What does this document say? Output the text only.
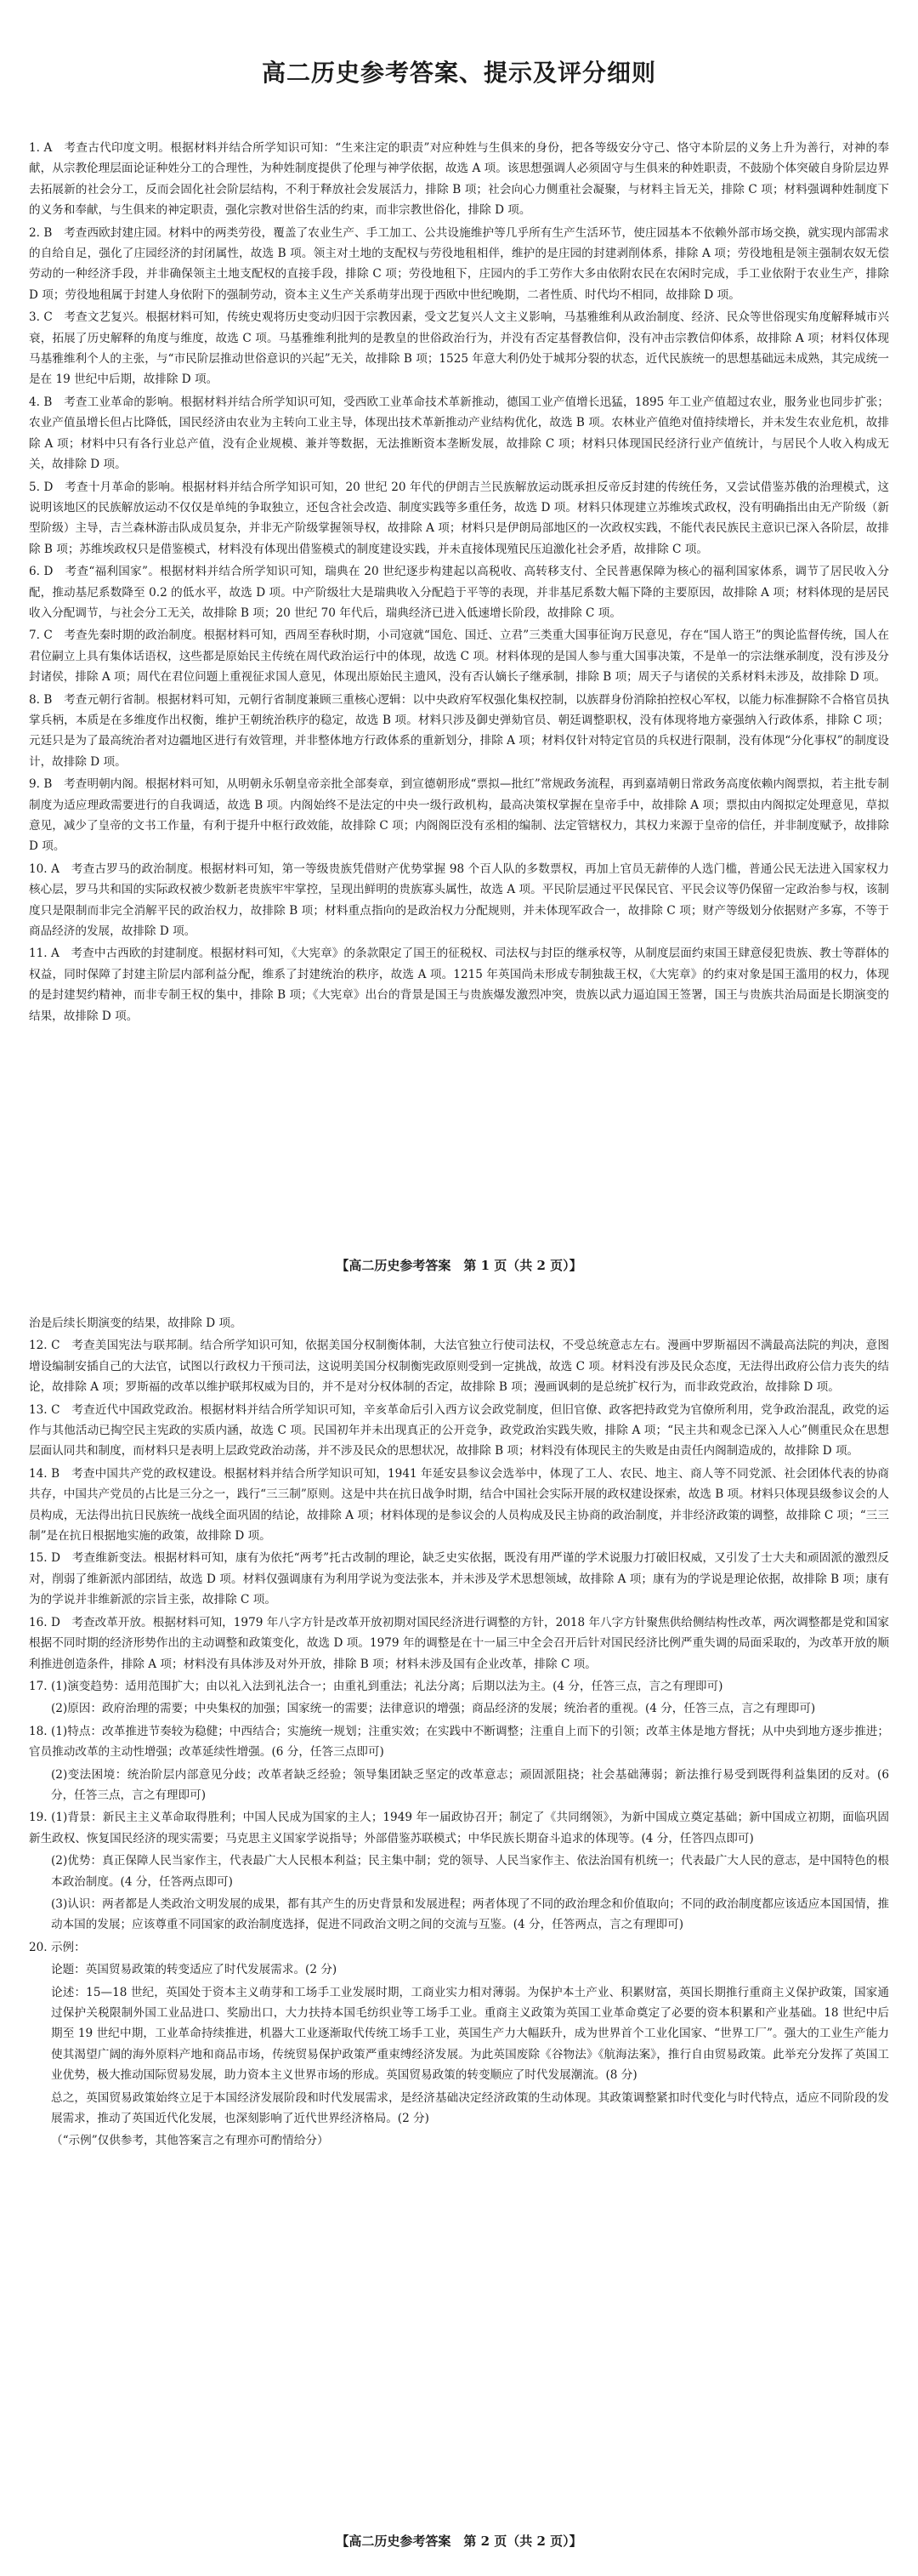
高二历史参考答案、提示及评分细则
1. A　考查古代印度文明。根据材料并结合所学知识可知：“生来注定的职责”对应种姓与生俱来的身份，把各等级安分守己、恪守本阶层的义务上升为善行，对神的奉献，从宗教伦理层面论证种姓分工的合理性，为种姓制度提供了伦理与神学依据，故选 A 项。该思想强调人必须固守与生俱来的种姓职责，不鼓励个体突破自身阶层边界去拓展新的社会分工，反而会固化社会阶层结构，不利于释放社会发展活力，排除 B 项；社会向心力侧重社会凝聚，与材料主旨无关，排除 C 项；材料强调种姓制度下的义务和奉献，与生俱来的神定职责，强化宗教对世俗生活的约束，而非宗教世俗化，排除 D 项。
2. B　考查西欧封建庄园。材料中的两类劳役，覆盖了农业生产、手工加工、公共设施维护等几乎所有生产生活环节，使庄园基本不依赖外部市场交换，就实现内部需求的自给自足，强化了庄园经济的封闭属性，故选 B 项。领主对土地的支配权与劳役地租相伴，维护的是庄园的封建剥削体系，排除 A 项；劳役地租是领主强制农奴无偿劳动的一种经济手段，并非确保领主土地支配权的直接手段，排除 C 项；劳役地租下，庄园内的手工劳作大多由依附农民在农闲时完成，手工业依附于农业生产，排除 D 项；劳役地租属于封建人身依附下的强制劳动，资本主义生产关系萌芽出现于西欧中世纪晚期，二者性质、时代均不相同，故排除 D 项。
3. C　考查文艺复兴。根据材料可知，传统史观将历史变动归因于宗教因素，受文艺复兴人文主义影响，马基雅维利从政治制度、经济、民众等世俗现实角度解释城市兴衰，拓展了历史解释的角度与维度，故选 C 项。马基雅维利批判的是教皇的世俗政治行为，并没有否定基督教信仰，没有冲击宗教信仰体系，故排除 A 项；材料仅体现马基雅维利个人的主张，与“市民阶层推动世俗意识的兴起”无关，故排除 B 项；1525 年意大利仍处于城邦分裂的状态，近代民族统一的思想基础远未成熟，其完成统一是在 19 世纪中后期，故排除 D 项。
4. B　考查工业革命的影响。根据材料并结合所学知识可知，受西欧工业革命技术革新推动，德国工业产值增长迅猛，1895 年工业产值超过农业，服务业也同步扩张；农业产值虽增长但占比降低，国民经济由农业为主转向工业主导，体现出技术革新推动产业结构优化，故选 B 项。农林业产值绝对值持续增长，并未发生农业危机，故排除 A 项；材料中只有各行业总产值，没有企业规模、兼并等数据，无法推断资本垄断发展，故排除 C 项；材料只体现国民经济行业产值统计，与居民个人收入构成无关，故排除 D 项。
5. D　考查十月革命的影响。根据材料并结合所学知识可知，20 世纪 20 年代的伊朗吉兰民族解放运动既承担反帝反封建的传统任务，又尝试借鉴苏俄的治理模式，这说明该地区的民族解放运动不仅仅是单纯的争取独立，还包含社会改造、制度实践等多重任务，故选 D 项。材料只体现建立苏维埃式政权，没有明确指出由无产阶级（新型阶级）主导，吉兰森林游击队成员复杂，并非无产阶级掌握领导权，故排除 A 项；材料只是伊朗局部地区的一次政权实践，不能代表民族民主意识已深入各阶层，故排除 B 项；苏维埃政权只是借鉴模式，材料没有体现出借鉴模式的制度建设实践，并未直接体现殖民压迫激化社会矛盾，故排除 C 项。
6. D　考查“福利国家”。根据材料并结合所学知识可知，瑞典在 20 世纪逐步构建起以高税收、高转移支付、全民普惠保障为核心的福利国家体系，调节了居民收入分配，推动基尼系数降至 0.2 的低水平，故选 D 项。中产阶级壮大是瑞典收入分配趋于平等的表现，并非基尼系数大幅下降的主要原因，故排除 A 项；材料体现的是居民收入分配调节，与社会分工无关，故排除 B 项；20 世纪 70 年代后，瑞典经济已进入低速增长阶段，故排除 C 项。
7. C　考查先秦时期的政治制度。根据材料可知，西周至春秋时期，小司寇就“国危、国迁、立君”三类重大国事征询万民意见，存在“国人谘王”的舆论监督传统，国人在君位嗣立上具有集体话语权，这些都是原始民主传统在周代政治运行中的体现，故选 C 项。材料体现的是国人参与重大国事决策，不是单一的宗法继承制度，没有涉及分封诸侯，排除 A 项；周代在君位问题上重视征求国人意见，体现出原始民主遗风，没有否认嫡长子继承制，排除 B 项；周天子与诸侯的关系材料未涉及，故排除 D 项。
8. B　考查元朝行省制。根据材料可知，元朝行省制度兼顾三重核心逻辑：以中央政府军权强化集权控制，以族群身份消除拍控权心军权，以能力标准摒除不合格官员执掌兵柄，本质是在多维度作出权衡，维护王朝统治秩序的稳定，故选 B 项。材料只涉及御史弹劾官员、朝廷调整职权，没有体现将地方豪强纳入行政体系，排除 C 项；元廷只是为了最高统治者对边疆地区进行有效管理，并非整体地方行政体系的重新划分，排除 A 项；材料仅针对特定官员的兵权进行限制，没有体现“分化事权”的制度设计，故排除 D 项。
9. B　考查明朝内阁。根据材料可知，从明朝永乐朝皇帝亲批全部奏章，到宣德朝形成“票拟—批红”常规政务流程，再到嘉靖朝日常政务高度依赖内阁票拟，若主批专制制度为适应理政需要进行的自我调适，故选 B 项。内阁始终不是法定的中央一级行政机构，最高决策权掌握在皇帝手中，故排除 A 项；票拟由内阁拟定处理意见，草拟意见，减少了皇帝的文书工作量，有利于提升中枢行政效能，故排除 C 项；内阁阁臣没有丞相的编制、法定管辖权力，其权力来源于皇帝的信任，并非制度赋予，故排除 D 项。
10. A　考查古罗马的政治制度。根据材料可知，第一等级贵族凭借财产优势掌握 98 个百人队的多数票权，再加上官员无薪俸的人选门槛，普通公民无法进入国家权力核心层，罗马共和国的实际政权被少数新老贵族牢牢掌控，呈现出鲜明的贵族寡头属性，故选 A 项。平民阶层通过平民保民官、平民会议等仍保留一定政治参与权，该制度只是限制而非完全消解平民的政治权力，故排除 B 项；材料重点指向的是政治权力分配规则，并未体现军政合一，故排除 C 项；财产等级划分依据财产多寡，不等于商品经济的发展，故排除 D 项。
11. A　考查中古西欧的封建制度。根据材料可知，《大宪章》的条款限定了国王的征税权、司法权与封臣的继承权等，从制度层面约束国王肆意侵犯贵族、教士等群体的权益，同时保障了封建主阶层内部利益分配，维系了封建统治的秩序，故选 A 项。1215 年英国尚未形成专制独裁王权，《大宪章》的约束对象是国王滥用的权力，体现的是封建契约精神，而非专制王权的集中，排除 B 项；《大宪章》出台的背景是国王与贵族爆发激烈冲突，贵族以武力逼迫国王签署，国王与贵族共治局面是长期演变的结果，故排除 D 项。
【高二历史参考答案　第 1 页（共 2 页）】
治是后续长期演变的结果，故排除 D 项。
12. C　考查美国宪法与联邦制。结合所学知识可知，依据美国分权制衡体制，大法官独立行使司法权，不受总统意志左右。漫画中罗斯福因不满最高法院的判决，意图增设编制安插自己的大法官，试图以行政权力干预司法，这说明美国分权制衡宪政原则受到一定挑战，故选 C 项。材料没有涉及民众态度，无法得出政府公信力丧失的结论，故排除 A 项；罗斯福的改革以维护联邦权威为目的，并不是对分权体制的否定，故排除 B 项；漫画讽刺的是总统扩权行为，而非政党政治，故排除 D 项。
13. C　考查近代中国政党政治。根据材料并结合所学知识可知，辛亥革命后引入西方议会政党制度，但旧官僚、政客把持政党为官僚所利用，党争政治混乱，政党的运作与其他活动已掏空民主宪政的实质内涵，故选 C 项。民国初年并未出现真正的公开竞争，政党政治实践失败，排除 A 项；“民主共和观念已深入人心”侧重民众在思想层面认同共和制度，而材料只是表明上层政党政治动荡，并不涉及民众的思想状况，故排除 B 项；材料没有体现民主的失败是由责任内阁制造成的，故排除 D 项。
14. B　考查中国共产党的政权建设。根据材料并结合所学知识可知，1941 年延安县参议会选举中，体现了工人、农民、地主、商人等不同党派、社会团体代表的协商共存，中国共产党员的占比是三分之一，践行“三三制”原则。这是中共在抗日战争时期，结合中国社会实际开展的政权建设探索，故选 B 项。材料只体现县级参议会的人员构成，无法得出抗日民族统一战线全面巩固的结论，故排除 A 项；材料体现的是参议会的人员构成及民主协商的政治制度，并非经济政策的调整，故排除 C 项；“三三制”是在抗日根据地实施的政策，故排除 D 项。
15. D　考查维新变法。根据材料可知，康有为依托“两考”托古改制的理论，缺乏史实依据，既没有用严谨的学术说服力打破旧权威，又引发了士大夫和顽固派的激烈反对，削弱了维新派内部团结，故选 D 项。材料仅强调康有为利用学说为变法张本，并未涉及学术思想领域，故排除 A 项；康有为的学说是理论依据，故排除 B 项；康有为的学说并非维新派的宗旨主张，故排除 C 项。
16. D　考查改革开放。根据材料可知，1979 年八字方针是改革开放初期对国民经济进行调整的方针，2018 年八字方针聚焦供给侧结构性改革，两次调整都是党和国家根据不同时期的经济形势作出的主动调整和政策变化，故选 D 项。1979 年的调整是在十一届三中全会召开后针对国民经济比例严重失调的局面采取的，为改革开放的顺利推进创造条件，排除 A 项；材料没有具体涉及对外开放，排除 B 项；材料未涉及国有企业改革，排除 C 项。
17. (1)演变趋势：适用范围扩大；由以礼入法到礼法合一；由重礼到重法；礼法分离；后期以法为主。(4 分，任答三点，言之有理即可)
(2)原因：政府治理的需要；中央集权的加强；国家统一的需要；法律意识的增强；商品经济的发展；统治者的重视。(4 分，任答三点，言之有理即可)
18. (1)特点：改革推进节奏较为稳健；中西结合；实施统一规划；注重实效；在实践中不断调整；注重自上而下的引领；改革主体是地方督抚；从中央到地方逐步推进；官员推动改革的主动性增强；改革延续性增强。(6 分，任答三点即可)
(2)变法困境：统治阶层内部意见分歧；改革者缺乏经验；领导集团缺乏坚定的改革意志；顽固派阻挠；社会基础薄弱；新法推行易受到既得利益集团的反对。(6 分，任答三点，言之有理即可)
19. (1)背景：新民主主义革命取得胜利；中国人民成为国家的主人；1949 年一届政协召开；制定了《共同纲领》，为新中国成立奠定基础；新中国成立初期，面临巩固新生政权、恢复国民经济的现实需要；马克思主义国家学说指导；外部借鉴苏联模式；中华民族长期奋斗追求的体现等。(4 分，任答四点即可)
(2)优势：真正保障人民当家作主，代表最广大人民根本利益；民主集中制；党的领导、人民当家作主、依法治国有机统一；代表最广大人民的意志，是中国特色的根本政治制度。(4 分，任答两点即可)
(3)认识：两者都是人类政治文明发展的成果，都有其产生的历史背景和发展进程；两者体现了不同的政治理念和价值取向；不同的政治制度都应该适应本国国情，推动本国的发展；应该尊重不同国家的政治制度选择，促进不同政治文明之间的交流与互鉴。(4 分，任答两点，言之有理即可)
20. 示例：
论题：英国贸易政策的转变适应了时代发展需求。(2 分)
论述：15—18 世纪，英国处于资本主义萌芽和工场手工业发展时期，工商业实力相对薄弱。为保护本土产业、积累财富，英国长期推行重商主义保护政策，国家通过保护关税限制外国工业品进口、奖励出口，大力扶持本国毛纺织业等工场手工业。重商主义政策为英国工业革命奠定了必要的资本积累和产业基础。18 世纪中后期至 19 世纪中期，工业革命持续推进，机器大工业逐渐取代传统工场手工业，英国生产力大幅跃升，成为世界首个工业化国家、“世界工厂”。强大的工业生产能力使其渴望广阔的海外原料产地和商品市场，传统贸易保护政策严重束缚经济发展。为此英国废除《谷物法》《航海法案》，推行自由贸易政策。此举充分发挥了英国工业优势，极大推动国际贸易发展，助力资本主义世界市场的形成。英国贸易政策的转变顺应了时代发展潮流。(8 分)
总之，英国贸易政策始终立足于本国经济发展阶段和时代发展需求，是经济基础决定经济政策的生动体现。其政策调整紧扣时代变化与时代特点，适应不同阶段的发展需求，推动了英国近代化发展，也深刻影响了近代世界经济格局。(2 分)
（“示例”仅供参考，其他答案言之有理亦可酌情给分）
【高二历史参考答案　第 2 页（共 2 页）】
